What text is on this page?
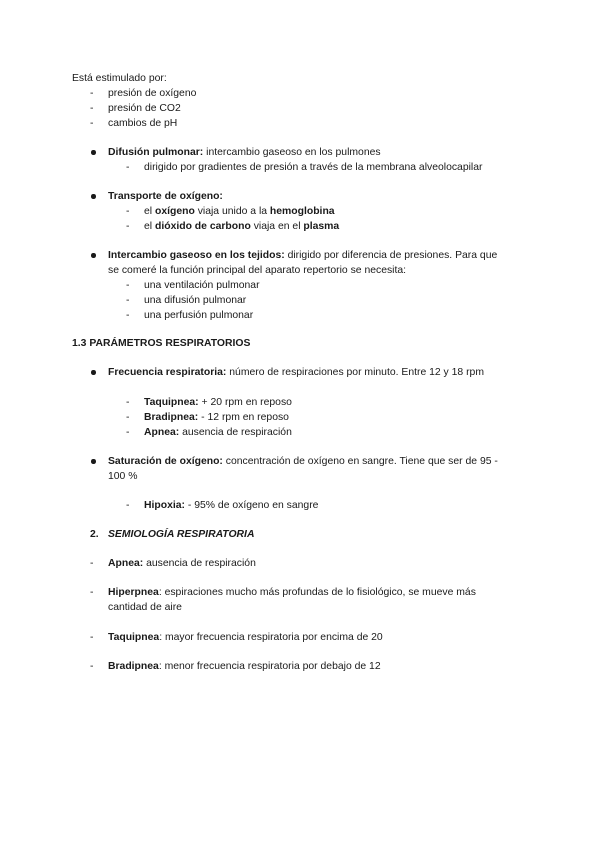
Está estimulado por:
- presión de oxígeno
- presión de CO2
- cambios de pH
Difusión pulmonar: intercambio gaseoso en los pulmones
- dirigido por gradientes de presión a través de la membrana alveolocapilar
Transporte de oxígeno:
- el oxígeno viaja unido a la hemoglobina
- el dióxido de carbono viaja en el plasma
Intercambio gaseoso en los tejidos: dirigido por diferencia de presiones. Para que
se comeré la función principal del aparato repertorio se necesita:
- una ventilación pulmonar
- una difusión pulmonar
- una perfusión pulmonar
1.3 PARÁMETROS RESPIRATORIOS
Frecuencia respiratoria: número de respiraciones por minuto. Entre 12 y 18 rpm
- Taquipnea: + 20 rpm en reposo
- Bradipnea: - 12 rpm en reposo
- Apnea: ausencia de respiración
Saturación de oxígeno: concentración de oxígeno en sangre. Tiene que ser de 95 -
100 %
- Hipoxia: - 95% de oxígeno en sangre
2. SEMIOLOGÍA RESPIRATORIA
- Apnea: ausencia de respiración
- Hiperpnea: espiraciones mucho más profundas de lo fisiológico, se mueve más
cantidad de aire
- Taquipnea: mayor frecuencia respiratoria por encima de 20
- Bradipnea: menor frecuencia respiratoria por debajo de 12
